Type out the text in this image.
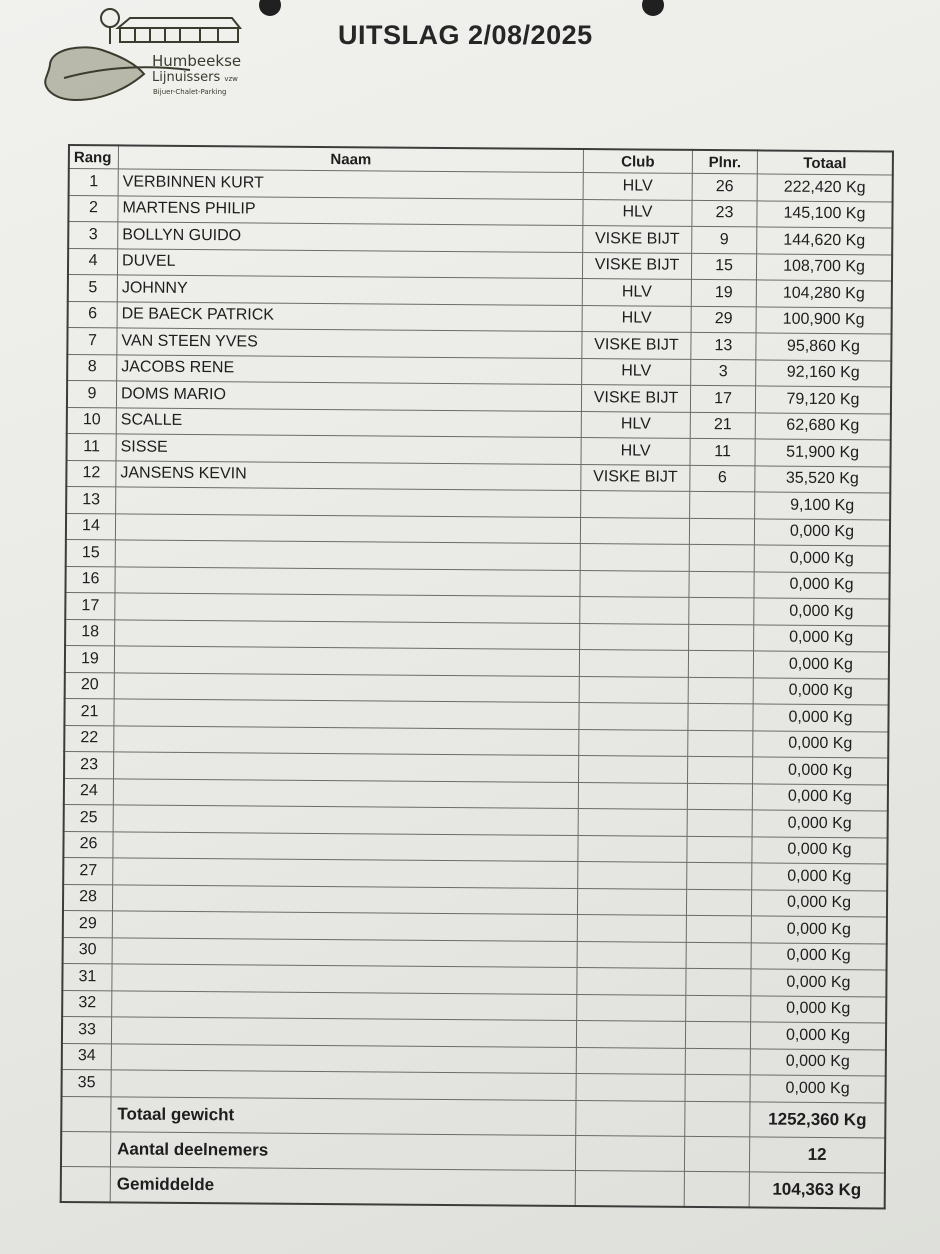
Humbeekse
Lijnuissers vzw
Bijuer-Chalet-Parking
UITSLAG 2/08/2025
Rang	Naam	Club	Plnr.	Totaal
1	VERBINNEN KURT	HLV	26	222,420 Kg
2	MARTENS PHILIP	HLV	23	145,100 Kg
3	BOLLYN GUIDO	VISKE BIJT	9	144,620 Kg
4	DUVEL	VISKE BIJT	15	108,700 Kg
5	JOHNNY	HLV	19	104,280 Kg
6	DE BAECK PATRICK	HLV	29	100,900 Kg
7	VAN STEEN YVES	VISKE BIJT	13	95,860 Kg
8	JACOBS RENE	HLV	3	92,160 Kg
9	DOMS MARIO	VISKE BIJT	17	79,120 Kg
10	SCALLE	HLV	21	62,680 Kg
11	SISSE	HLV	11	51,900 Kg
12	JANSENS KEVIN	VISKE BIJT	6	35,520 Kg
13				9,100 Kg
14				0,000 Kg
15				0,000 Kg
16				0,000 Kg
17				0,000 Kg
18				0,000 Kg
19				0,000 Kg
20				0,000 Kg
21				0,000 Kg
22				0,000 Kg
23				0,000 Kg
24				0,000 Kg
25				0,000 Kg
26				0,000 Kg
27				0,000 Kg
28				0,000 Kg
29				0,000 Kg
30				0,000 Kg
31				0,000 Kg
32				0,000 Kg
33				0,000 Kg
34				0,000 Kg
35				0,000 Kg
	Totaal gewicht			1252,360 Kg
	Aantal deelnemers			12
	Gemiddelde			104,363 Kg
